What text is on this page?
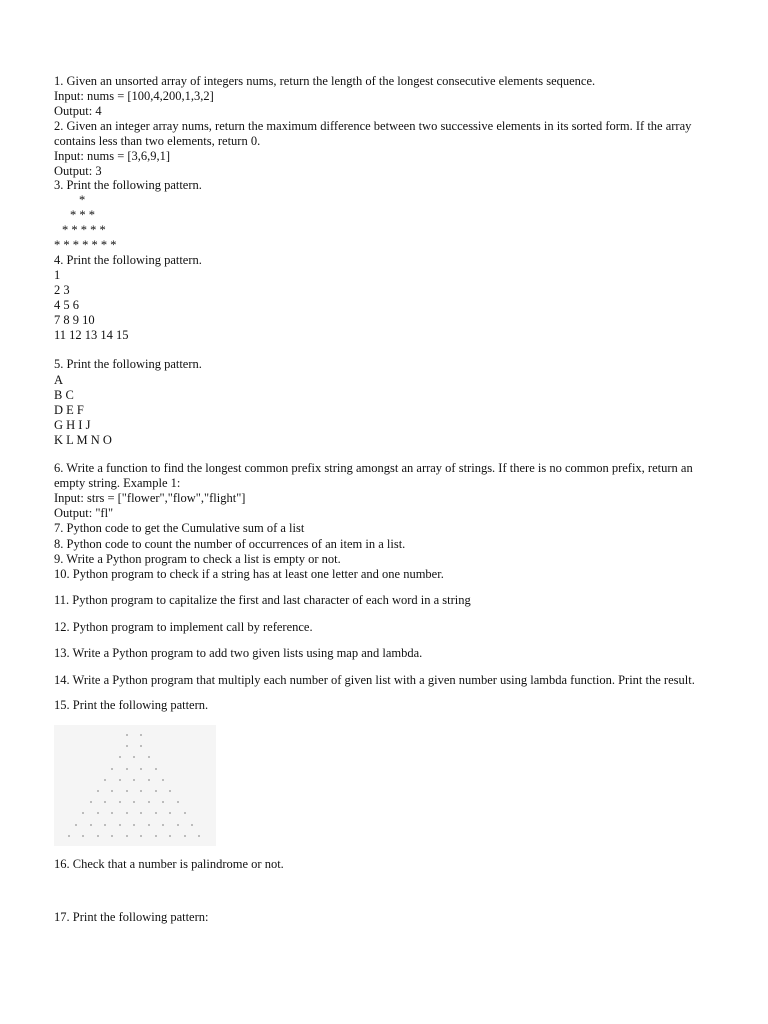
1. Given an unsorted array of integers nums, return the length of the longest consecutive elements sequence.
Input: nums = [100,4,200,1,3,2]
Output: 4
2. Given an integer array nums, return the maximum difference between two successive elements in its sorted form. If the array
contains less than two elements, return 0.
Input: nums = [3,6,9,1]
Output: 3
3. Print the following pattern.
*
* * *
* * * * *
* * * * * * *
4. Print the following pattern.
1
2 3
4 5 6
7 8 9 10
11 12 13 14 15
5. Print the following pattern.
A
B C
D E F
G H I J
K L M N O
6. Write a function to find the longest common prefix string amongst an array of strings. If there is no common prefix, return an
empty string. Example 1:
Input: strs = ["flower","flow","flight"]
Output: "fl"
7. Python code to get the Cumulative sum of a list
8. Python code to count the number of occurrences of an item in a list.
9. Write a Python program to check a list is empty or not.
10. Python program to check if a string has at least one letter and one number.
11. Python program to capitalize the first and last character of each word in a string
12. Python program to implement call by reference.
13. Write a Python program to add two given lists using map and lambda.
14. Write a Python program that multiply each number of given list with a given number using lambda function. Print the result.
15. Print the following pattern.
16. Check that a number is palindrome or not.
17. Print the following pattern:
